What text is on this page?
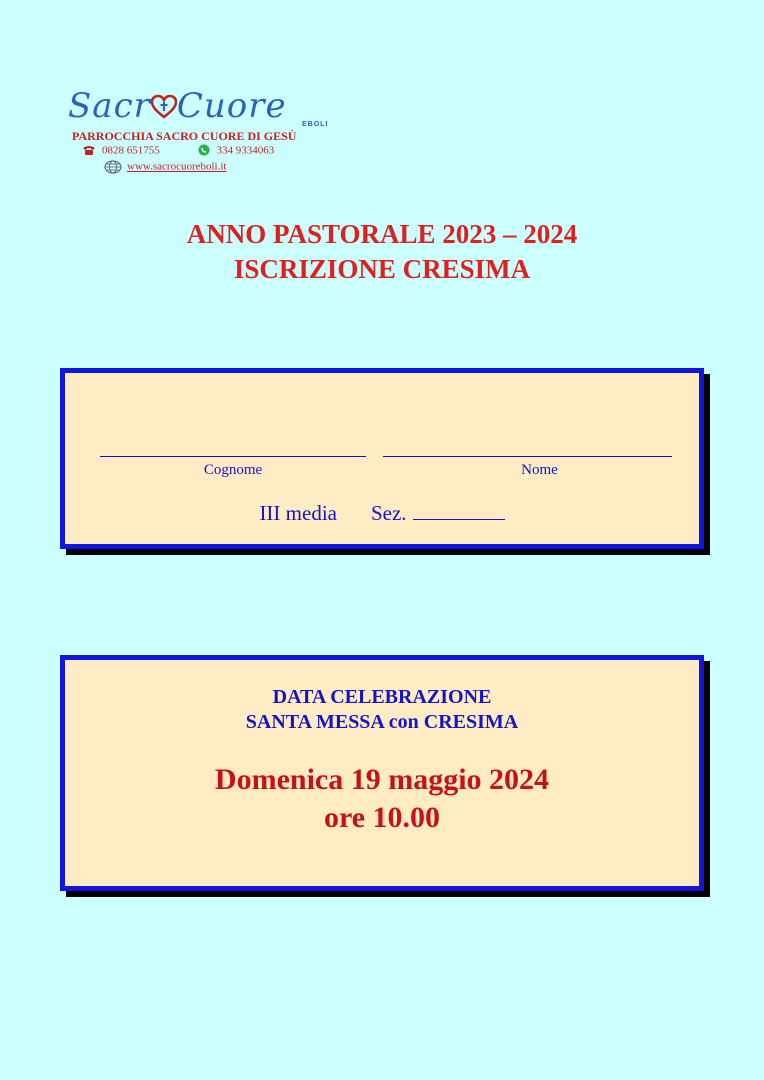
Sacr Cuore EBOLI
PARROCCHIA SACRO CUORE DI GESÙ
0828 651755	334 9334063
www.sacrocuoreboli.it
ANNO PASTORALE 2023 – 2024
ISCRIZIONE CRESIMA
Cognome	Nome
III media Sez.
DATA CELEBRAZIONE
SANTA MESSA con CRESIMA
Domenica 19 maggio 2024
ore 10.00
